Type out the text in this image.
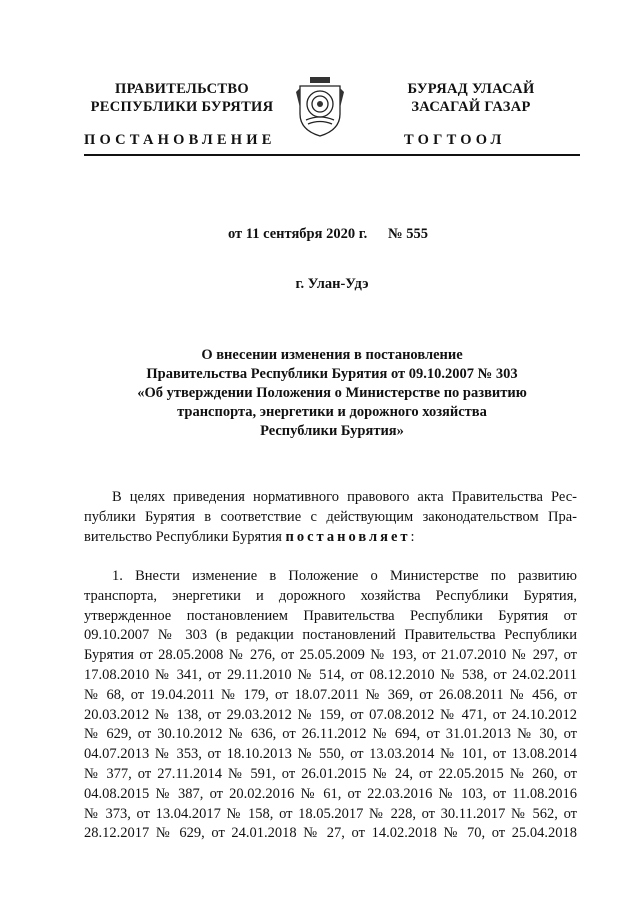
ПРАВИТЕЛЬСТВО
РЕСПУБЛИКИ БУРЯТИЯ
БУРЯАД УЛАСАЙ
ЗАСАГАЙ ГАЗАР
ПОСТАНОВЛЕНИЕ	ТОГТООЛ
от 11 сентября 2020 г. № 555
г. Улан-Удэ
О внесении изменения в постановление
Правительства Республики Бурятия от 09.10.2007 № 303
«Об утверждении Положения о Министерстве по развитию
транспорта, энергетики и дорожного хозяйства
Республики Бурятия»
В целях приведения нормативного правового акта Правительства Рес-
публики Бурятия в соответствие с действующим законодательством Пра-
вительство Республики Бурятия постановляет:
1. Внести изменение в Положение о Министерстве по развитию
транспорта, энергетики и дорожного хозяйства Республики Бурятия,
утвержденное постановлением Правительства Республики Бурятия от
09.10.2007 № 303 (в редакции постановлений Правительства Республики
Бурятия от 28.05.2008 № 276, от 25.05.2009 № 193, от 21.07.2010 № 297, от
17.08.2010 № 341, от 29.11.2010 № 514, от 08.12.2010 № 538, от 24.02.2011
№ 68, от 19.04.2011 № 179, от 18.07.2011 № 369, от 26.08.2011 № 456, от
20.03.2012 № 138, от 29.03.2012 № 159, от 07.08.2012 № 471, от 24.10.2012
№ 629, от 30.10.2012 № 636, от 26.11.2012 № 694, от 31.01.2013 № 30, от
04.07.2013 № 353, от 18.10.2013 № 550, от 13.03.2014 № 101, от 13.08.2014
№ 377, от 27.11.2014 № 591, от 26.01.2015 № 24, от 22.05.2015 № 260, от
04.08.2015 № 387, от 20.02.2016 № 61, от 22.03.2016 № 103, от 11.08.2016
№ 373, от 13.04.2017 № 158, от 18.05.2017 № 228, от 30.11.2017 № 562, от
28.12.2017 № 629, от 24.01.2018 № 27, от 14.02.2018 № 70, от 25.04.2018
